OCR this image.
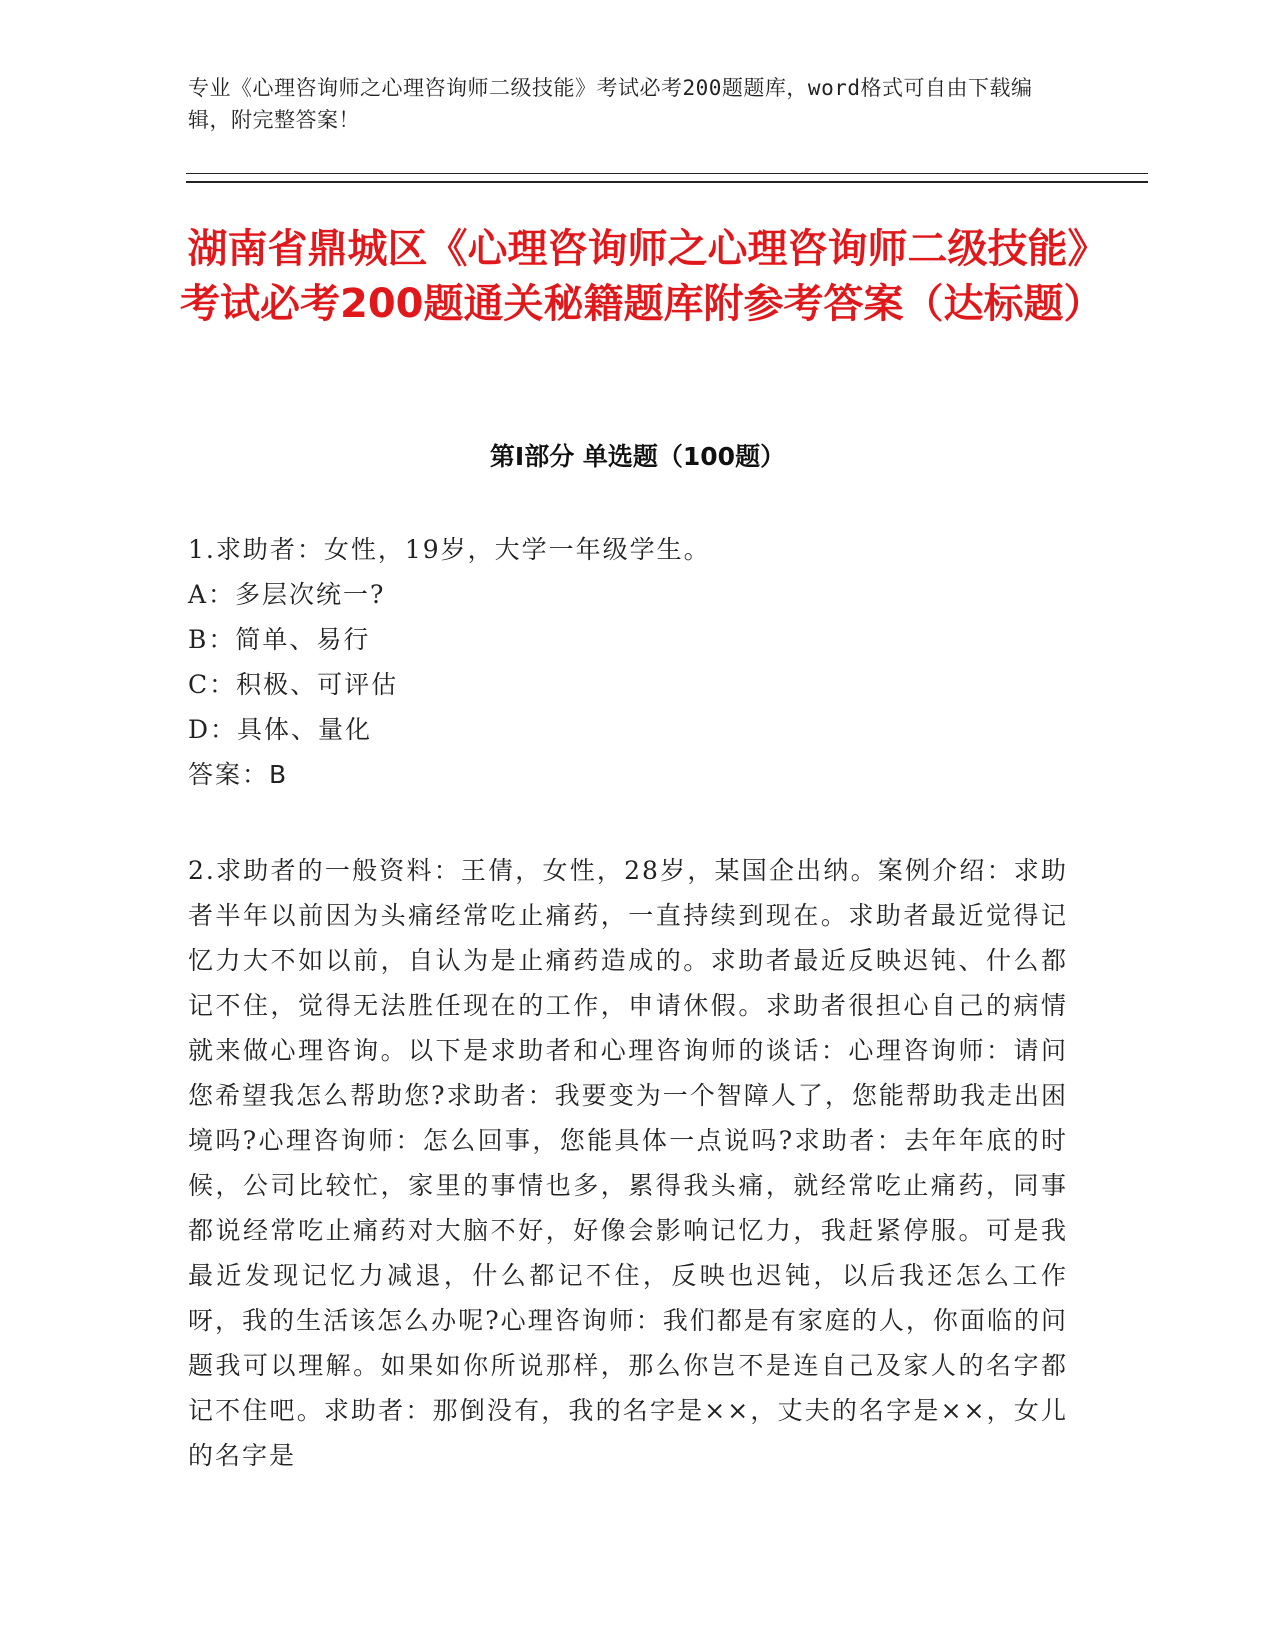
专业《心理咨询师之心理咨询师二级技能》考试必考200题题库，word格式可自由下载编辑，附完整答案！
湖南省鼎城区《心理咨询师之心理咨询师二级技能》考试必考200题通关秘籍题库附参考答案（达标题）
第Ⅰ部分 单选题（100题）
1.求助者：女性，19岁，大学一年级学生。
A：多层次统一?
B：简单、易行
C：积极、可评估
D：具体、量化
答案：B
2.求助者的一般资料：王倩，女性，28岁，某国企出纳。案例介绍：求助者半年以前因为头痛经常吃止痛药，一直持续到现在。求助者最近觉得记忆力大不如以前，自认为是止痛药造成的。求助者最近反映迟钝、什么都记不住，觉得无法胜任现在的工作，申请休假。求助者很担心自己的病情就来做心理咨询。以下是求助者和心理咨询师的谈话：心理咨询师：请问您希望我怎么帮助您?求助者：我要变为一个智障人了，您能帮助我走出困境吗?心理咨询师：怎么回事，您能具体一点说吗?求助者：去年年底的时候，公司比较忙，家里的事情也多，累得我头痛，就经常吃止痛药，同事都说经常吃止痛药对大脑不好，好像会影响记忆力，我赶紧停服。可是我最近发现记忆力减退，什么都记不住，反映也迟钝，以后我还怎么工作呀，我的生活该怎么办呢?心理咨询师：我们都是有家庭的人，你面临的问题我可以理解。如果如你所说那样，那么你岂不是连自己及家人的名字都记不住吧。求助者：那倒没有，我的名字是××，丈夫的名字是××，女儿的名字是
